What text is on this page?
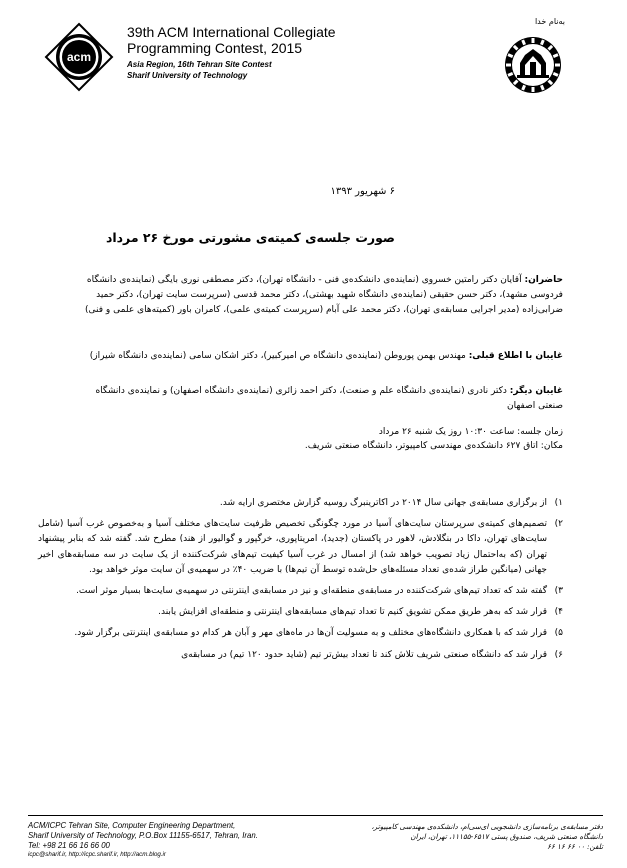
acm
39th ACM International Collegiate
Programming Contest, 2015
Asia Region, 16th Tehran Site Contest
Sharif University of Technology
به‌نام خدا
۶ شهریور ۱۳۹۳
صورت جلسه‌ی کمیته‌ی مشورتی مورخ ۲۶ مرداد
حاضران: آقایان دکتر رامتین خسروی (نماینده‌ی دانشکده‌ی فنی - دانشگاه تهران)، دکتر مصطفی نوری بایگی (نماینده‌ی دانشگاه فردوسی مشهد)، دکتر حسن حقیقی (نماینده‌ی دانشگاه شهید بهشتی)، دکتر محمد قدسی (سرپرست سایت تهران)، دکتر حمید ضرابی‌زاده (مدیر اجرایی مسابقه‌ی تهران)، دکتر محمد علی آبام (سرپرست کمیته‌ی علمی)، کامران باور (کمیته‌های علمی و فنی)
غایبان با اطلاع قبلی: مهندس بهمن پوروطن (نماینده‌ی دانشگاه ص امیرکبیر)، دکتر اشکان سامی (نماینده‌ی دانشگاه شیراز)
غایبان دیگر: دکتر نادری (نماینده‌ی دانشگاه علم و صنعت)، دکتر احمد زائری (نماینده‌ی دانشگاه اصفهان) و نماینده‌ی دانشگاه صنعتی اصفهان
زمان جلسه: ساعت ۱۰:۳۰ روز یک شنبه ۲۶ مرداد
مکان: اتاق ۶۲۷ دانشکده‌ی مهندسی کامپیوتر، دانشگاه صنعتی شریف.
۱)
از برگزاری مسابقه‌ی جهانی سال ۲۰۱۴ در اکاترینبرگ روسیه گزارش مختصری ارایه شد.
۲)
تصمیم‌های کمیته‌ی سرپرستان سایت‌های آسیا در مورد چگونگی تخصیص ظرفیت سایت‌های مختلف آسیا و به‌خصوص غرب آسیا (شامل سایت‌های تهران، داکا در بنگلادش، لاهور در پاکستان (جدید)، امریتاپوری، خرگپور و گوالیور از هند) مطرح شد. گفته شد که بنابر پیشنهاد تهران (که به‌احتمال زیاد تصویب خواهد شد) از امسال در غرب آسیا کیفیت تیم‌های شرکت‌کننده از یک سایت در سه مسابقه‌های اخیر جهانی (میانگین طراز شده‌ی تعداد مسئله‌های حل‌شده توسط آن تیم‌ها) با ضریب ۴۰٪ در سهمیه‌ی آن سایت موثر خواهد بود.
۳)
گفته شد که تعداد تیم‌های شرکت‌کننده در مسابقه‌ی منطقه‌ای و نیز در مسابقه‌ی اینترنتی در سهمیه‌ی سایت‌ها بسیار موثر است.
۴)
قرار شد که به‌هر طریق ممکن تشویق کنیم تا تعداد تیم‌های مسابقه‌های اینترنتی و منطقه‌ای افزایش یابند.
۵)
قرار شد که با همکاری دانشگاه‌های مختلف و به مسولیت آن‌ها در ماه‌های مهر و آبان هر کدام دو مسابقه‌ی اینترنتی برگزار شود.
۶)
قرار شد که دانشگاه صنعتی شریف تلاش کند تا تعداد بیش‌تر تیم (شاید حدود ۱۲۰ تیم) در مسابقه‌ی
ACM/ICPC Tehran Site, Computer Engineering Department,
Sharif University of Technology, P.O.Box 11155-6517, Tehran, Iran.
Tel: +98 21 66 16 66 00
icpc@sharif.ir, http://icpc.sharif.ir, http://acm.blog.ir
دفتر مسابقه‌ی برنامه‌سازی دانشجویی ای‌سی‌ام، دانشکده‌ی مهندسی کامپیوتر،
دانشگاه صنعتی شریف، صندوق پستی ۶۵۱۷-۱۱۱۵۵، تهران، ایران
تلفن: ۰۰ ۶۶ ۱۶ ۶۶
